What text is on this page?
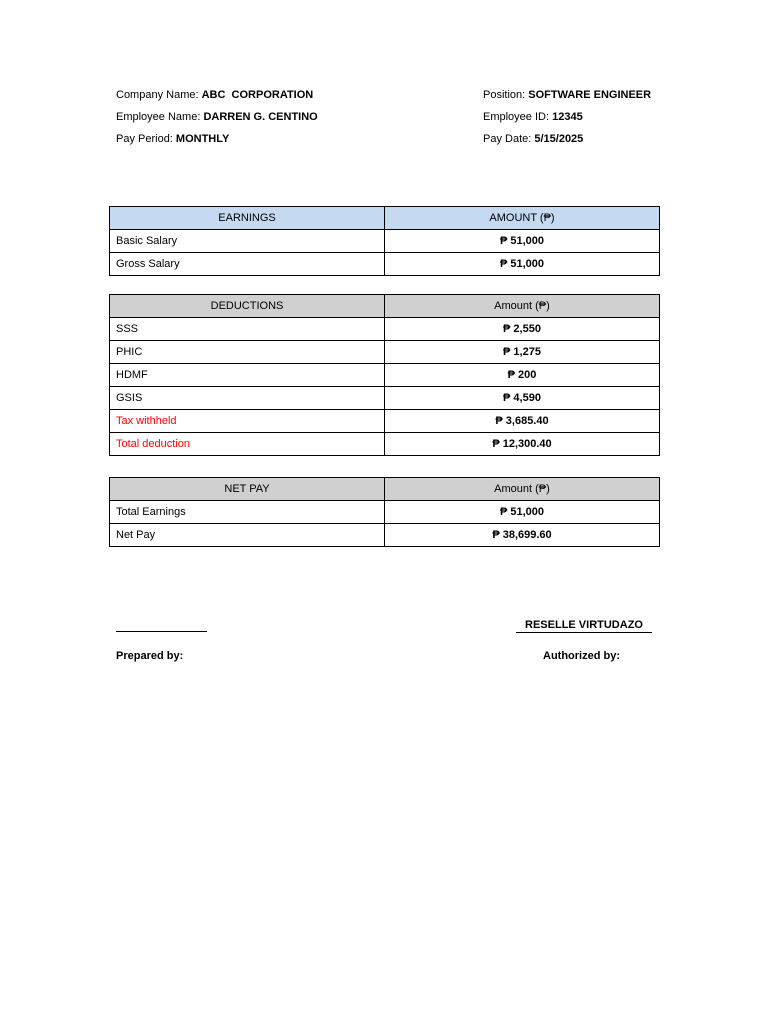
Company Name: ABC  CORPORATION
Employee Name: DARREN G. CENTINO
Pay Period: MONTHLY
Position: SOFTWARE ENGINEER
Employee ID: 12345
Pay Date: 5/15/2025
EARNINGS	AMOUNT (₱)
Basic Salary	₱ 51,000
Gross Salary	₱ 51,000
DEDUCTIONS	Amount (₱)
SSS	₱ 2,550
PHIC	₱ 1,275
HDMF	₱ 200
GSIS	₱ 4,590
Tax withheld	₱ 3,685.40
Total deduction	₱ 12,300.40
NET PAY	Amount (₱)
Total Earnings	₱ 51,000
Net Pay	₱ 38,699.60
Prepared by:
RESELLE VIRTUDAZO
Authorized by:
